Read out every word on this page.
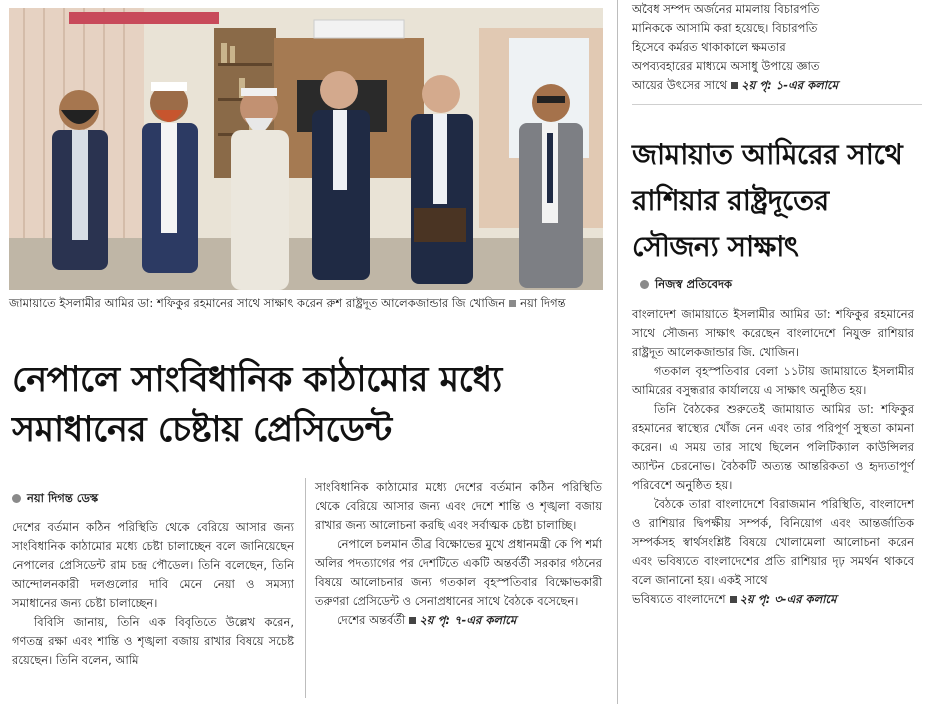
জামায়াতে ইসলামীর আমির ডা: শফিকুর রহমানের সাথে সাক্ষাৎ করেন রুশ রাষ্ট্রদূত আলেকজান্ডার জি খোজিন নয়া দিগন্ত
অবৈধ সম্পদ অর্জনের মামলায় বিচারপতি
মানিককে আসামি করা হয়েছে। বিচারপতি
হিসেবে কর্মরত থাকাকালে ক্ষমতার
অপব্যবহারের মাধ্যমে অসাধু উপায়ে জ্ঞাত
আয়ের উৎসের সাথে ২য় পৃ: ১-এর কলামে
জামায়াত আমিরের সাথে
রাশিয়ার রাষ্ট্রদূতের
সৌজন্য সাক্ষাৎ
নিজস্ব প্রতিবেদক

বাংলাদেশ জামায়াতে ইসলামীর আমির ডা: শফিকুর রহমানের সাথে সৌজন্য সাক্ষাৎ করেছেন বাংলাদেশে নিযুক্ত রাশিয়ার রাষ্ট্রদূত আলেকজান্ডার জি. খোজিন।

গতকাল বৃহস্পতিবার বেলা ১১টায় জামায়াতে ইসলামীর আমিরের বসুন্ধরার কার্যালয়ে এ সাক্ষাৎ অনুষ্ঠিত হয়।

তিনি বৈঠকের শুরুতেই জামায়াত আমির ডা: শফিকুর রহমানের স্বাস্থ্যের খোঁজ নেন এবং তার পরিপূর্ণ সুস্থতা কামনা করেন। এ সময় তার সাথে ছিলেন পলিটিক্যাল কাউন্সিলর অ্যান্টন চেরনোভ। বৈঠকটি অত্যন্ত আন্তরিকতা ও হৃদ্যতাপূর্ণ পরিবেশে অনুষ্ঠিত হয়।

বৈঠকে তারা বাংলাদেশে বিরাজমান পরিস্থিতি, বাংলাদেশ ও রাশিয়ার দ্বিপক্ষীয় সম্পর্ক, বিনিয়োগ এবং আন্তর্জাতিক সম্পর্কসহ স্বার্থসংশ্লিষ্ট বিষয়ে খোলামেলা আলোচনা করেন এবং ভবিষ্যতে বাংলাদেশের প্রতি রাশিয়ার দৃঢ় সমর্থন থাকবে বলে জানানো হয়। একই সাথে

ভবিষ্যতে বাংলাদেশে ২য় পৃ: ৩-এর কলামে

নেপালে সাংবিধানিক কাঠামোর মধ্যে
সমাধানের চেষ্টায় প্রেসিডেন্ট
নয়া দিগন্ত ডেস্ক

দেশের বর্তমান কঠিন পরিস্থিতি থেকে বেরিয়ে আসার জন্য সাংবিধানিক কাঠামোর মধ্যে চেষ্টা চালাচ্ছেন বলে জানিয়েছেন নেপালের প্রেসিডেন্ট রাম চন্দ্র পৌডেল। তিনি বলেছেন, তিনি আন্দোলনকারী দলগুলোর দাবি মেনে নেয়া ও সমস্যা সমাধানের জন্য চেষ্টা চালাচ্ছেন।

বিবিসি জানায়, তিনি এক বিবৃতিতে উল্লেখ করেন, গণতন্ত্র রক্ষা এবং শান্তি ও শৃঙ্খলা বজায় রাখার বিষয়ে সচেষ্ট রয়েছেন। তিনি বলেন, আমি

সাংবিধানিক কাঠামোর মধ্যে দেশের বর্তমান কঠিন পরিস্থিতি থেকে বেরিয়ে আসার জন্য এবং দেশে শান্তি ও শৃঙ্খলা বজায় রাখার জন্য আলোচনা করছি এবং সর্বাত্মক চেষ্টা চালাচ্ছি।

নেপালে চলমান তীব্র বিক্ষোভের মুখে প্রধানমন্ত্রী কে পি শর্মা অলির পদত্যাগের পর দেশটিতে একটি অন্তর্বর্তী সরকার গঠনের বিষয়ে আলোচনার জন্য গতকাল বৃহস্পতিবার বিক্ষোভকারী তরুণরা প্রেসিডেন্ট ও সেনাপ্রধানের সাথে বৈঠকে বসেছেন।

দেশের অন্তর্বর্তী ২য় পৃ: ৭-এর কলামে
